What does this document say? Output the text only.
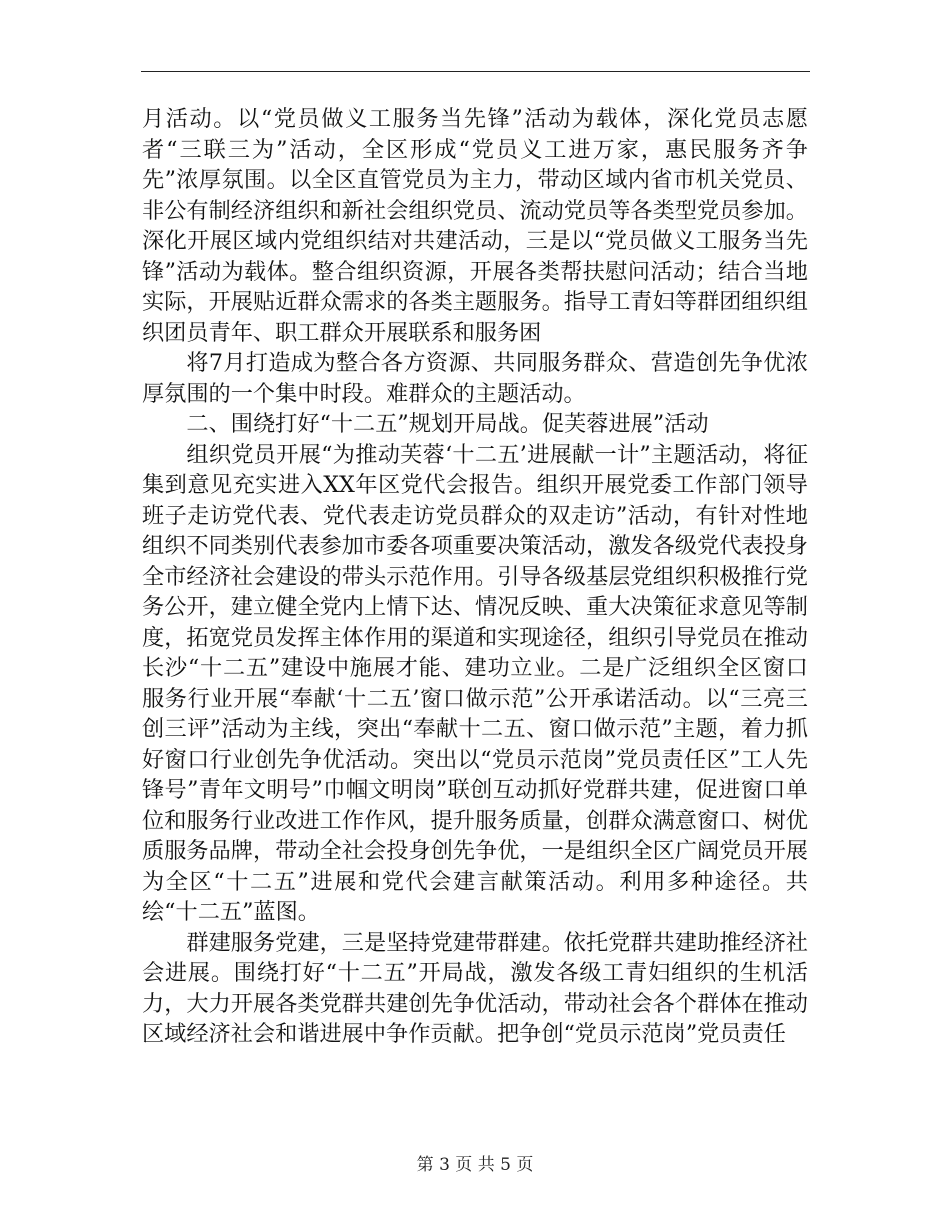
月活动。以“党员做义工服务当先锋”活动为载体，深化党员志愿者“三联三为”活动，全区形成“党员义工进万家，惠民服务齐争先”浓厚氛围。以全区直管党员为主力，带动区域内省市机关党员、非公有制经济组织和新社会组织党员、流动党员等各类型党员参加。深化开展区域内党组织结对共建活动，三是以“党员做义工服务当先锋”活动为载体。整合组织资源，开展各类帮扶慰问活动；结合当地实际，开展贴近群众需求的各类主题服务。指导工青妇等群团组织组织团员青年、职工群众开展联系和服务困

将7月打造成为整合各方资源、共同服务群众、营造创先争优浓厚氛围的一个集中时段。难群众的主题活动。

二、围绕打好“十二五”规划开局战。促芙蓉进展”活动

组织党员开展“为推动芙蓉‘十二五’进展献一计”主题活动，将征集到意见充实进入XX年区党代会报告。组织开展党委工作部门领导班子走访党代表、党代表走访党员群众的双走访”活动，有针对性地组织不同类别代表参加市委各项重要决策活动，激发各级党代表投身全市经济社会建设的带头示范作用。引导各级基层党组织积极推行党务公开，建立健全党内上情下达、情况反映、重大决策征求意见等制度，拓宽党员发挥主体作用的渠道和实现途径，组织引导党员在推动长沙“十二五”建设中施展才能、建功立业。二是广泛组织全区窗口服务行业开展“奉献‘十二五’窗口做示范”公开承诺活动。以“三亮三创三评”活动为主线，突出“奉献十二五、窗口做示范”主题，着力抓好窗口行业创先争优活动。突出以“党员示范岗”党员责任区”工人先锋号”青年文明号”巾帼文明岗”联创互动抓好党群共建，促进窗口单位和服务行业改进工作作风，提升服务质量，创群众满意窗口、树优质服务品牌，带动全社会投身创先争优，一是组织全区广阔党员开展为全区“十二五”进展和党代会建言献策活动。利用多种途径。共绘“十二五”蓝图。

群建服务党建，三是坚持党建带群建。依托党群共建助推经济社会进展。围绕打好“十二五”开局战，激发各级工青妇组织的生机活力，大力开展各类党群共建创先争优活动，带动社会各个群体在推动区域经济社会和谐进展中争作贡献。把争创“党员示范岗”党员责任

第 3 页 共 5 页
